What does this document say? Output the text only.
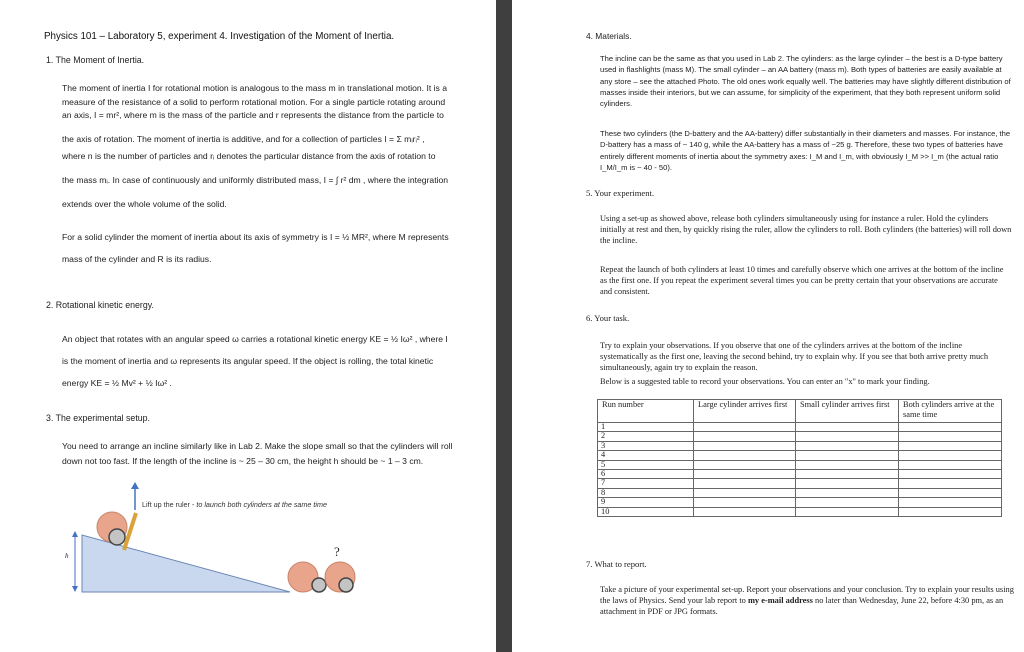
Physics 101 – Laboratory 5, experiment 4. Investigation of the Moment of Inertia.
1. The Moment of Inertia.
The moment of inertia I for rotational motion is analogous to the mass m in translational motion. It is a
measure of the resistance of a solid to perform rotational motion. For a single particle rotating around
an axis, I = mr², where m is the mass of the particle and r represents the distance from the particle to
the axis of rotation. The moment of inertia is additive, and for a collection of particles I = Σ mᵢrᵢ² ,
where n is the number of particles and rᵢ denotes the particular distance from the axis of rotation to
the mass mᵢ. In case of continuously and uniformly distributed mass, I = ∫ r² dm , where the integration
extends over the whole volume of the solid.
For a solid cylinder the moment of inertia about its axis of symmetry is I = ½ MR², where M represents
mass of the cylinder and R is its radius.
2. Rotational kinetic energy.
An object that rotates with an angular speed ω carries a rotational kinetic energy KE = ½ Iω² , where I
is the moment of inertia and ω represents its angular speed. If the object is rolling, the total kinetic
energy KE = ½ Mv² + ½ Iω² .
3. The experimental setup.
You need to arrange an incline similarly like in Lab 2. Make the slope small so that the cylinders will roll
down not too fast. If the length of the incline is ~ 25 – 30 cm, the height h should be ~ 1 – 3 cm.
Lift up the ruler - to launch both cylinders at the same time
h	?
4. Materials.
The incline can be the same as that you used in Lab 2. The cylinders: as the large cylinder – the best is a D-type battery used in flashlights (mass M). The small cylinder – an AA battery (mass m). Both types of batteries are easily available at any store – see the attached Photo. The old ones work equally well. The batteries may have slightly different distribution of masses inside their interiors, but we can assume, for simplicity of the experiment, that they both represent uniform solid cylinders.
These two cylinders (the D-battery and the AA-battery) differ substantially in their diameters and masses. For instance, the D-battery has a mass of ~ 140 g, while the AA-battery has a mass of ~25 g. Therefore, these two types of batteries have entirely different moments of inertia about the symmetry axes: I_M and I_m, with obviously I_M >> I_m (the actual ratio I_M/I_m is ~ 40 - 50).
5. Your experiment.
Using a set-up as showed above, release both cylinders simultaneously using for instance a ruler. Hold the cylinders initially at rest and then, by quickly rising the ruler, allow the cylinders to roll. Both cylinders (the batteries) will roll down the incline.
Repeat the launch of both cylinders at least 10 times and carefully observe which one arrives at the bottom of the incline as the first one. If you repeat the experiment several times you can be pretty certain that your observations are accurate and consistent.
6. Your task.
Try to explain your observations. If you observe that one of the cylinders arrives at the bottom of the incline systematically as the first one, leaving the second behind, try to explain why. If you see that both arrive pretty much simultaneously, again try to explain the reason.
Below is a suggested table to record your observations. You can enter an "x" to mark your finding.
Run number	Large cylinder arrives first	Small cylinder arrives first	Both cylinders arrive at the same time
1			
2			
3			
4			
5			
6			
7			
8			
9			
10			
7. What to report.
Take a picture of your experimental set-up. Report your observations and your conclusion. Try to explain your results using the laws of Physics. Send your lab report to my e-mail address no later than Wednesday, June 22, before 4:30 pm, as an attachment in PDF or JPG formats.
